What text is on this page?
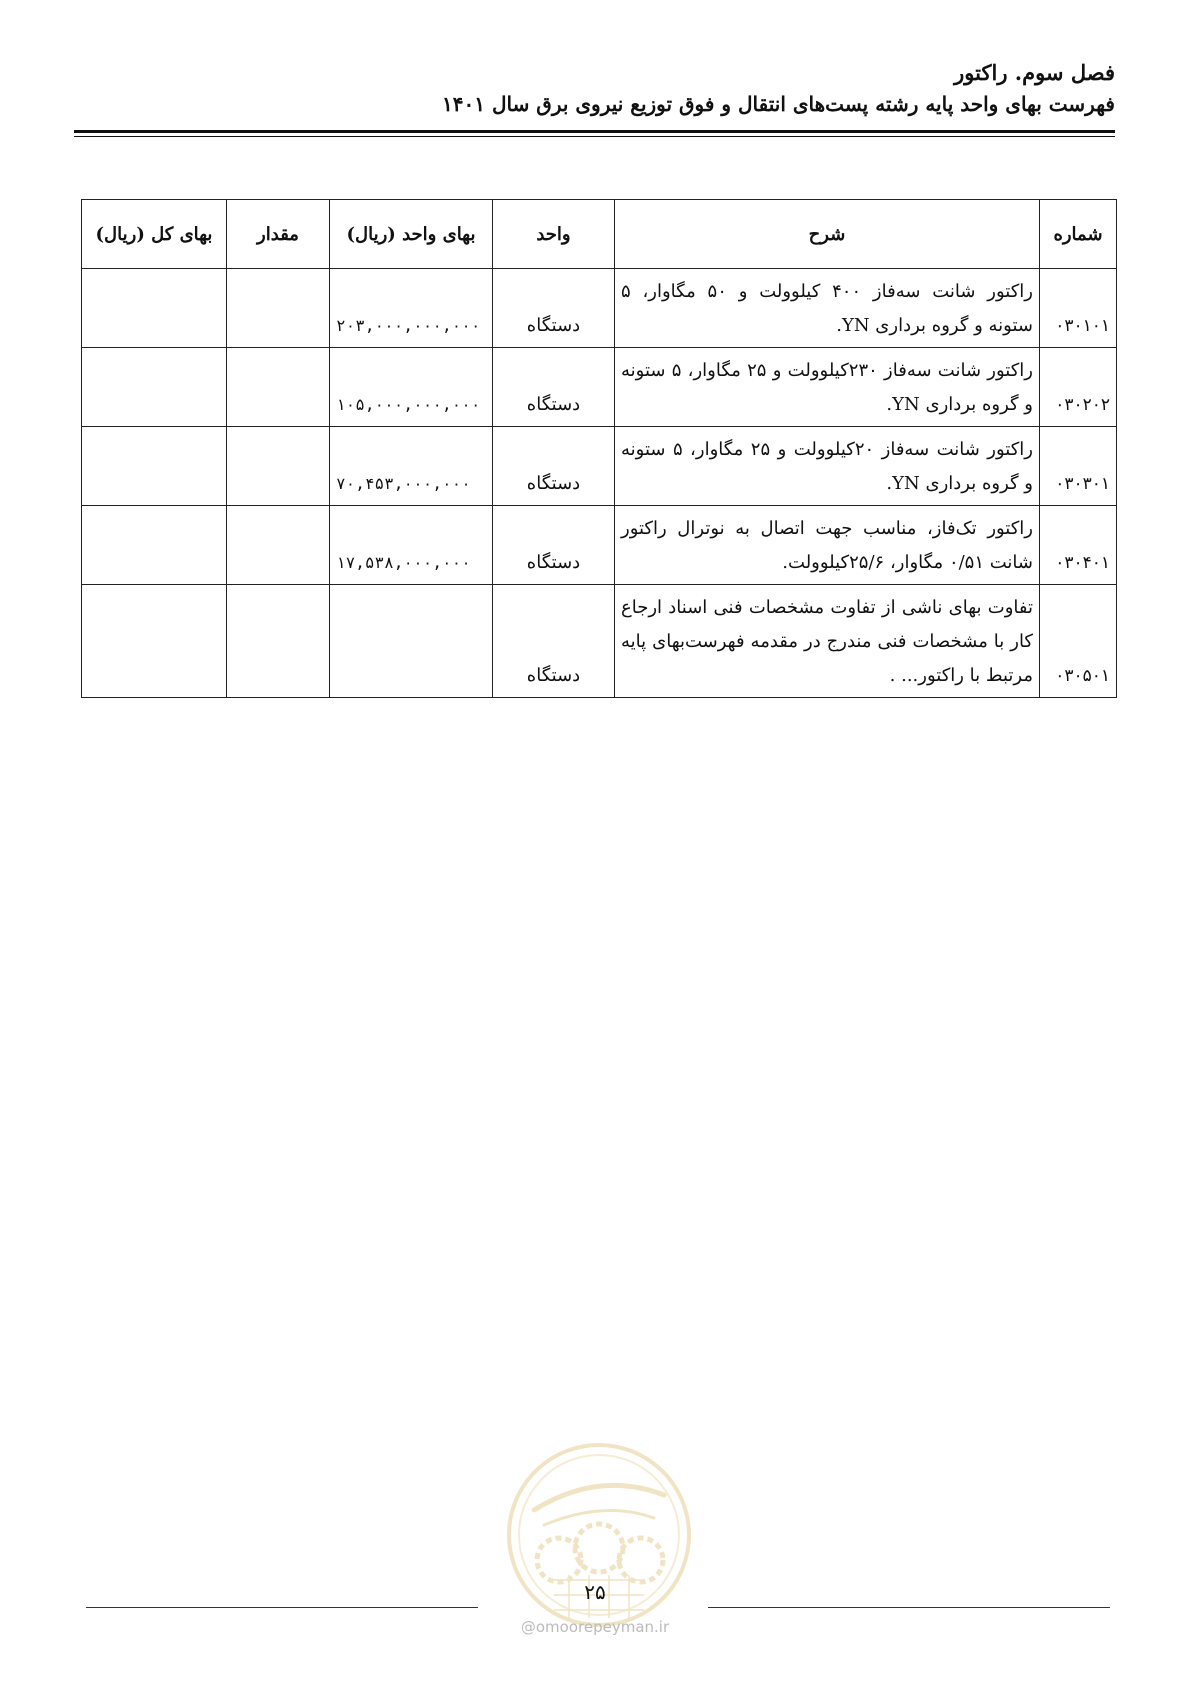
فصل سوم. راکتور
فهرست بهای واحد پایه رشته پست‌های انتقال و فوق توزیع نیروی برق سال ۱۴۰۱
شماره	شرح	واحد	بهای واحد (ریال)	مقدار	بهای کل (ریال)
۰۳۰۱۰۱	راکتور شانت سه‌فاز ۴۰۰ کیلوولت و ۵۰ مگاوار، ۵ ستونه و گروه برداری YN.	دستگاه	۲۰۳,۰۰۰,۰۰۰,۰۰۰		
۰۳۰۲۰۲	راکتور شانت سه‌فاز ۲۳۰کیلوولت و ۲۵ مگاوار، ۵ ستونه و گروه برداری YN.	دستگاه	۱۰۵,۰۰۰,۰۰۰,۰۰۰		
۰۳۰۳۰۱	راکتور شانت سه‌فاز ۲۰کیلوولت و ۲۵ مگاوار، ۵ ستونه و گروه برداری YN.	دستگاه	۷۰,۴۵۳,۰۰۰,۰۰۰		
۰۳۰۴۰۱	راکتور تک‌فاز، مناسب جهت اتصال به نوترال راکتور شانت ۰/۵۱ مگاوار، ۲۵/۶کیلوولت.	دستگاه	۱۷,۵۳۸,۰۰۰,۰۰۰		
۰۳۰۵۰۱	تفاوت بهای ناشی از تفاوت مشخصات فنی اسناد ارجاع کار با مشخصات فنی مندرج در مقدمه فهرست‌بهای پایه مرتبط با راکتور... .	دستگاه			
۲۵
@omoorepeyman.ir
